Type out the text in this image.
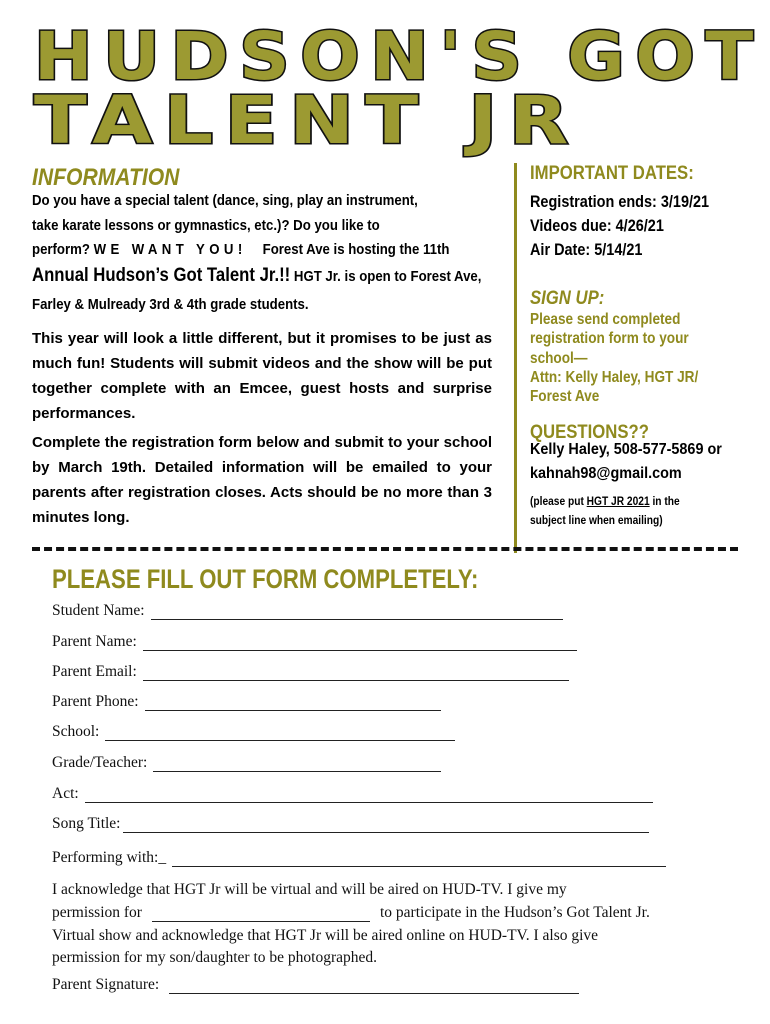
HUDSON'S GOT
TALENT JR
INFORMATION
Do you have a special talent (dance, sing, play an instrument,
take karate lessons or gymnastics, etc.)? Do you like to
perform? WE WANT YOU! Forest Ave is hosting the 11th
Annual Hudson’s Got Talent Jr.!! HGT Jr. is open to Forest Ave,
Farley & Mulready 3rd & 4th grade students.
This year will look a little different, but it promises to be just as much fun! Students will submit videos and the show will be put together complete with an Emcee, guest hosts and surprise performances.
Complete the registration form below and submit to your school by March 19th. Detailed information will be emailed to your parents after registration closes. Acts should be no more than 3 minutes long.
IMPORTANT DATES:
Registration ends: 3/19/21
Videos due: 4/26/21
Air Date: 5/14/21
SIGN UP:
Please send completed
registration form to your
school—
Attn: Kelly Haley, HGT JR/
Forest Ave
QUESTIONS??
Kelly Haley, 508-577-5869 or
kahnah98@gmail.com
(please put HGT JR 2021 in the
subject line when emailing)
PLEASE FILL OUT FORM COMPLETELY:
Student Name:
Parent Name:
Parent Email:
Parent Phone:
School:
Grade/Teacher:
Act:
Song Title:
Performing with:_
I acknowledge that HGT Jr will be virtual and will be aired on HUD-TV. I give my
permission for	to participate in the Hudson’s Got Talent Jr.
Virtual show and acknowledge that HGT Jr will be aired online on HUD-TV. I also give
permission for my son/daughter to be photographed.
Parent Signature:
